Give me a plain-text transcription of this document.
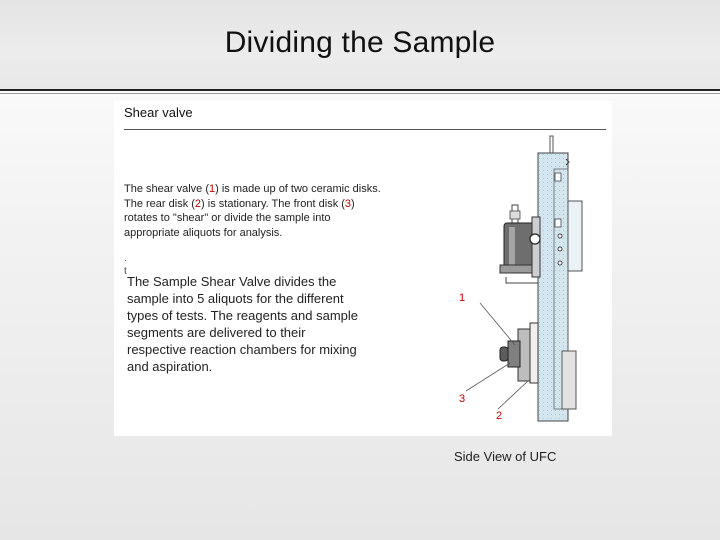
Dividing the Sample
Shear valve
The shear valve (1) is made up of two ceramic disks. The rear disk (2) is stationary. The front disk (3) rotates to "shear" or divide the sample into appropriate aliquots for analysis.
.
t
1
3
2
The Sample Shear Valve divides the sample into 5 aliquots for the different types of tests. The reagents and sample segments are delivered to their respective reaction chambers for mixing and aspiration.
Side View of UFC
